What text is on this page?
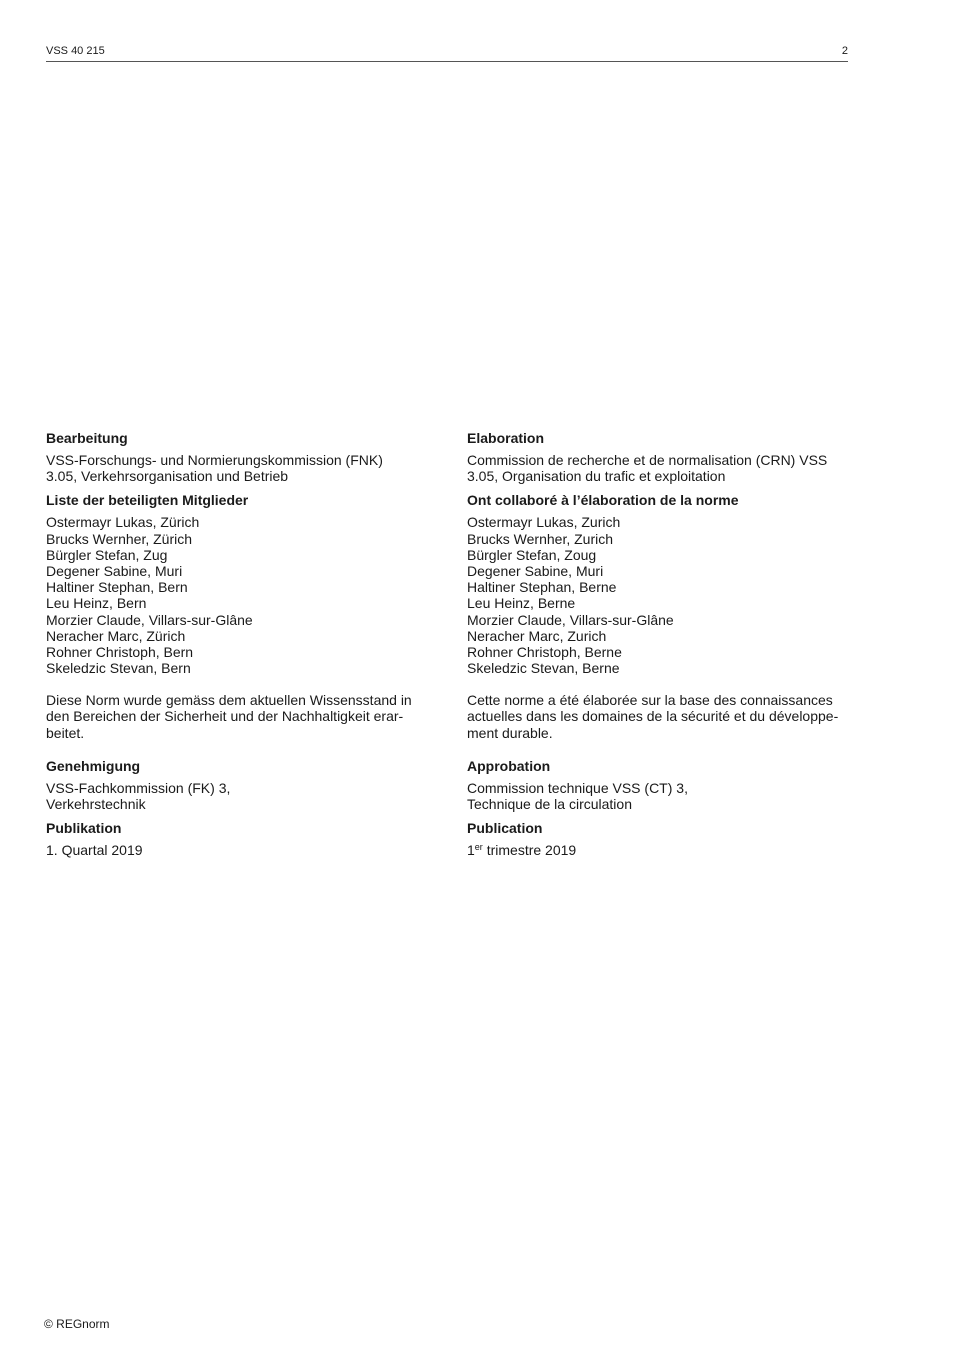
VSS 40 215	2
Bearbeitung
VSS-Forschungs- und Normierungskommission (FNK)
3.05, Verkehrsorganisation und Betrieb
Liste der beteiligten Mitglieder
Ostermayr Lukas, Zürich
Brucks Wernher, Zürich
Bürgler Stefan, Zug
Degener Sabine, Muri
Haltiner Stephan, Bern
Leu Heinz, Bern
Morzier Claude, Villars-sur-Glâne
Neracher Marc, Zürich
Rohner Christoph, Bern
Skeledzic Stevan, Bern
Diese Norm wurde gemäss dem aktuellen Wissensstand in
den Bereichen der Sicherheit und der Nachhaltigkeit erar-
beitet.
Genehmigung
VSS-Fachkommission (FK) 3,
Verkehrstechnik
Publikation
1. Quartal 2019
Elaboration
Commission de recherche et de normalisation (CRN) VSS
3.05, Organisation du trafic et exploitation
Ont collaboré à l’élaboration de la norme
Ostermayr Lukas, Zurich
Brucks Wernher, Zurich
Bürgler Stefan, Zoug
Degener Sabine, Muri
Haltiner Stephan, Berne
Leu Heinz, Berne
Morzier Claude, Villars-sur-Glâne
Neracher Marc, Zurich
Rohner Christoph, Berne
Skeledzic Stevan, Berne
Cette norme a été élaborée sur la base des connaissances
actuelles dans les domaines de la sécurité et du développe-
ment durable.
Approbation
Commission technique VSS (CT) 3,
Technique de la circulation
Publication
1er trimestre 2019
© REGnorm
